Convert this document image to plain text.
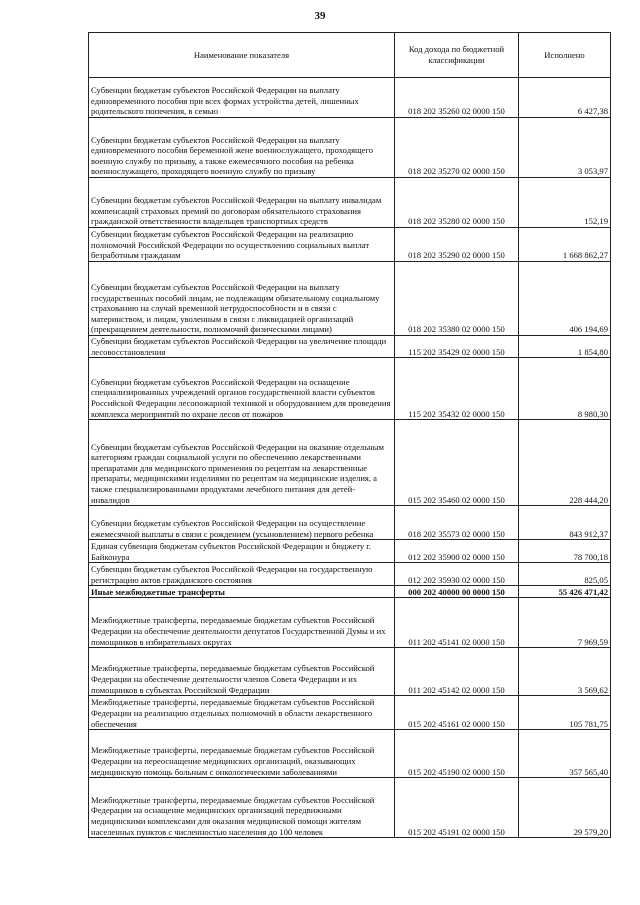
39
Наименование показателя	Код дохода по бюджетной классификации	Исполнено
Субвенции бюджетам субъектов Российской Федерации на выплату единовременного пособия при всех формах устройства детей, лишенных родительского попечения, в семью	018 202 35260 02 0000 150	6 427,38
Субвенции бюджетам субъектов Российской Федерации на выплату единовременного пособия беременной жене военнослужащего, проходящего военную службу по призыву, а также ежемесячного пособия на ребенка военнослужащего, проходящего военную службу по призыву	018 202 35270 02 0000 150	3 053,97
Субвенции бюджетам субъектов Российской Федерации на выплату инвалидам компенсаций страховых премий по договорам обязательного страхования гражданской ответственности владельцев транспортных средств	018 202 35280 02 0000 150	152,19
Субвенции бюджетам субъектов Российской Федерации на реализацию полномочий Российской Федерации по осуществлению социальных выплат безработным гражданам	018 202 35290 02 0000 150	1 668 862,27
Субвенции бюджетам субъектов Российской Федерации на выплату государственных пособий лицам, не подлежащим обязательному социальному страхованию на случай временной нетрудоспособности и в связи с материнством, и лицам, уволенным в связи с ликвидацией организаций (прекращением деятельности, полномочий физическими лицами)	018 202 35380 02 0000 150	406 194,69
Субвенции бюджетам субъектов Российской Федерации на увеличение площади лесовосстановления	115 202 35429 02 0000 150	1 854,80
Субвенции бюджетам субъектов Российской Федерации на оснащение специализированных учреждений органов государственной власти субъектов Российской Федерации лесопожарной техникой и оборудованием для проведения комплекса мероприятий по охране лесов от пожаров	115 202 35432 02 0000 150	8 980,30
Субвенции бюджетам субъектов Российской Федерации на оказание отдельным категориям граждан социальной услуги по обеспечению лекарственными препаратами для медицинского применения по рецептам на лекарственные препараты, медицинскими изделиями по рецептам на медицинские изделия, а также специализированными продуктами лечебного питания для детей-инвалидов	015 202 35460 02 0000 150	228 444,20
Субвенции бюджетам субъектов Российской Федерации на осуществление ежемесячной выплаты в связи с рождением (усыновлением) первого ребенка	018 202 35573 02 0000 150	843 912,37
Единая субвенция бюджетам субъектов Российской Федерации и бюджету г. Байконура	012 202 35900 02 0000 150	78 700,18
Субвенции бюджетам субъектов Российской Федерации на государственную регистрацию актов гражданского состояния	012 202 35930 02 0000 150	825,05
Иные межбюджетные трансферты	000 202 40000 00 0000 150	55 426 471,42
Межбюджетные трансферты, передаваемые бюджетам субъектов Российской Федерации на обеспечение деятельности депутатов Государственной Думы и их помощников в избирательных округах	011 202 45141 02 0000 150	7 969,59
Межбюджетные трансферты, передаваемые бюджетам субъектов Российской Федерации на обеспечение деятельности членов Совета Федерации и их помощников в субъектах Российской Федерации	011 202 45142 02 0000 150	3 569,62
Межбюджетные трансферты, передаваемые бюджетам субъектов Российской Федерации на реализацию отдельных полномочий в области лекарственного обеспечения	015 202 45161 02 0000 150	105 781,75
Межбюджетные трансферты, передаваемые бюджетам субъектов Российской Федерации на переоснащение медицинских организаций, оказывающих медицинскую помощь больным с онкологическими заболеваниями	015 202 45190 02 0000 150	357 565,40
Межбюджетные трансферты, передаваемые бюджетам субъектов Российской Федерации на оснащение медицинских организаций передвижными медицинскими комплексами для оказания медицинской помощи жителям населенных пунктов с численностью населения до 100 человек	015 202 45191 02 0000 150	29 579,20
